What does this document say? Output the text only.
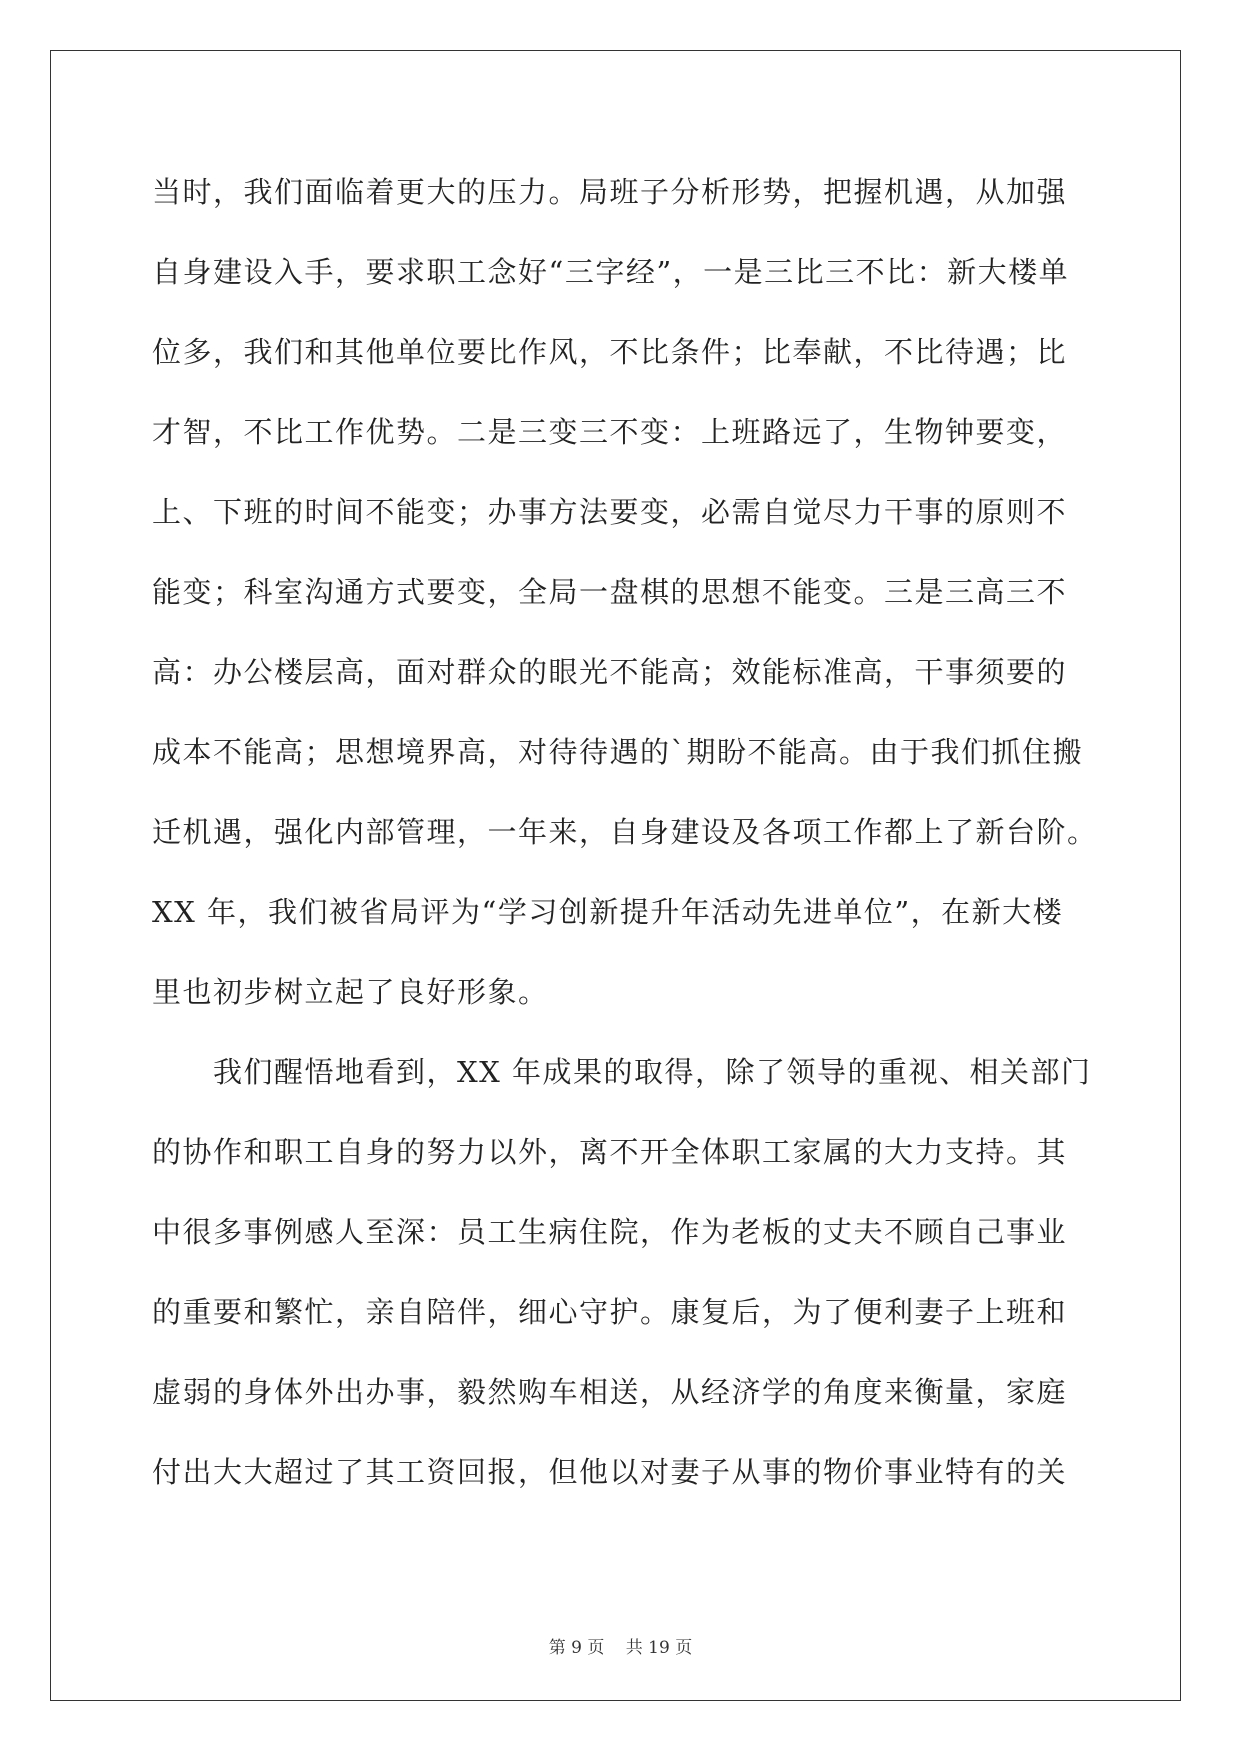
当时，我们面临着更大的压力。局班子分析形势，把握机遇，从加强
自身建设入手，要求职工念好“三字经”，一是三比三不比：新大楼单
位多，我们和其他单位要比作风，不比条件；比奉献，不比待遇；比
才智，不比工作优势。二是三变三不变：上班路远了，生物钟要变，
上、下班的时间不能变；办事方法要变，必需自觉尽力干事的原则不
能变；科室沟通方式要变，全局一盘棋的思想不能变。三是三高三不
高：办公楼层高，面对群众的眼光不能高；效能标准高，干事须要的
成本不能高；思想境界高，对待待遇的`期盼不能高。由于我们抓住搬
迁机遇，强化内部管理，一年来，自身建设及各项工作都上了新台阶。
XX 年，我们被省局评为“学习创新提升年活动先进单位”，在新大楼
里也初步树立起了良好形象。
我们醒悟地看到，XX 年成果的取得，除了领导的重视、相关部门
的协作和职工自身的努力以外，离不开全体职工家属的大力支持。其
中很多事例感人至深：员工生病住院，作为老板的丈夫不顾自己事业
的重要和繁忙，亲自陪伴，细心守护。康复后，为了便利妻子上班和
虚弱的身体外出办事，毅然购车相送，从经济学的角度来衡量，家庭
付出大大超过了其工资回报，但他以对妻子从事的物价事业特有的关
第 9 页 共 19 页
